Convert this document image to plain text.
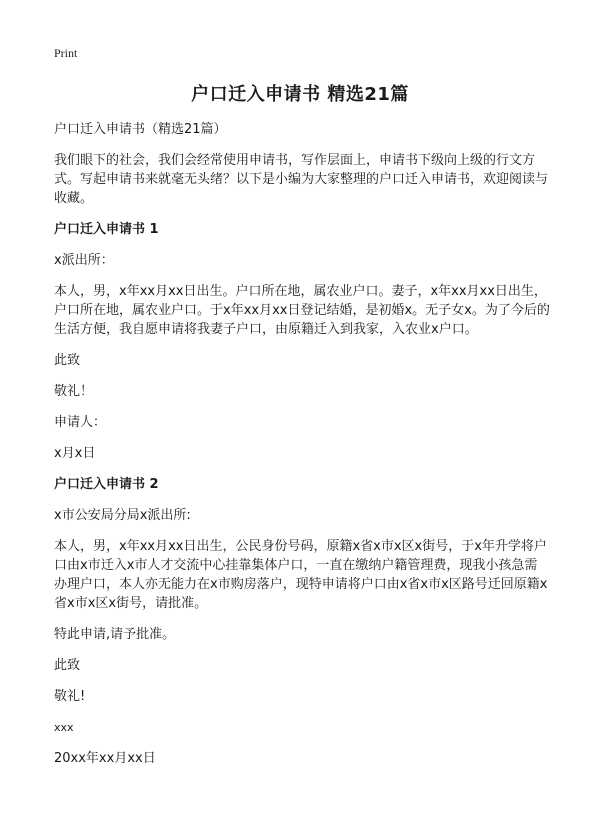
Print
户口迁入申请书 精选21篇

户口迁入申请书（精选21篇）

我们眼下的社会，我们会经常使用申请书，写作层面上，申请书下级向上级的行文方式。写起申请书来就毫无头绪？以下是小编为大家整理的户口迁入申请书，欢迎阅读与收藏。

户口迁入申请书 1

x派出所：

本人，男，x年xx月xx日出生。户口所在地，属农业户口。妻子，x年xx月xx日出生，户口所在地，属农业户口。于x年xx月xx日登记结婚，是初婚x。无子女x。为了今后的生活方便，我自愿申请将我妻子户口，由原籍迁入到我家，入农业x户口。

此致

敬礼！

申请人：

x月x日

户口迁入申请书 2

x市公安局分局x派出所:

本人，男，x年xx月xx日出生，公民身份号码，原籍x省x市x区x街号，于x年升学将户口由x市迁入x市人才交流中心挂靠集体户口，一直在缴纳户籍管理费，现我小孩急需办理户口，本人亦无能力在x市购房落户，现特申请将户口由x省x市x区路号迁回原籍x省x市x区x街号，请批准。

特此申请,请予批准。

此致

敬礼!

xxx

20xx年xx月xx日
